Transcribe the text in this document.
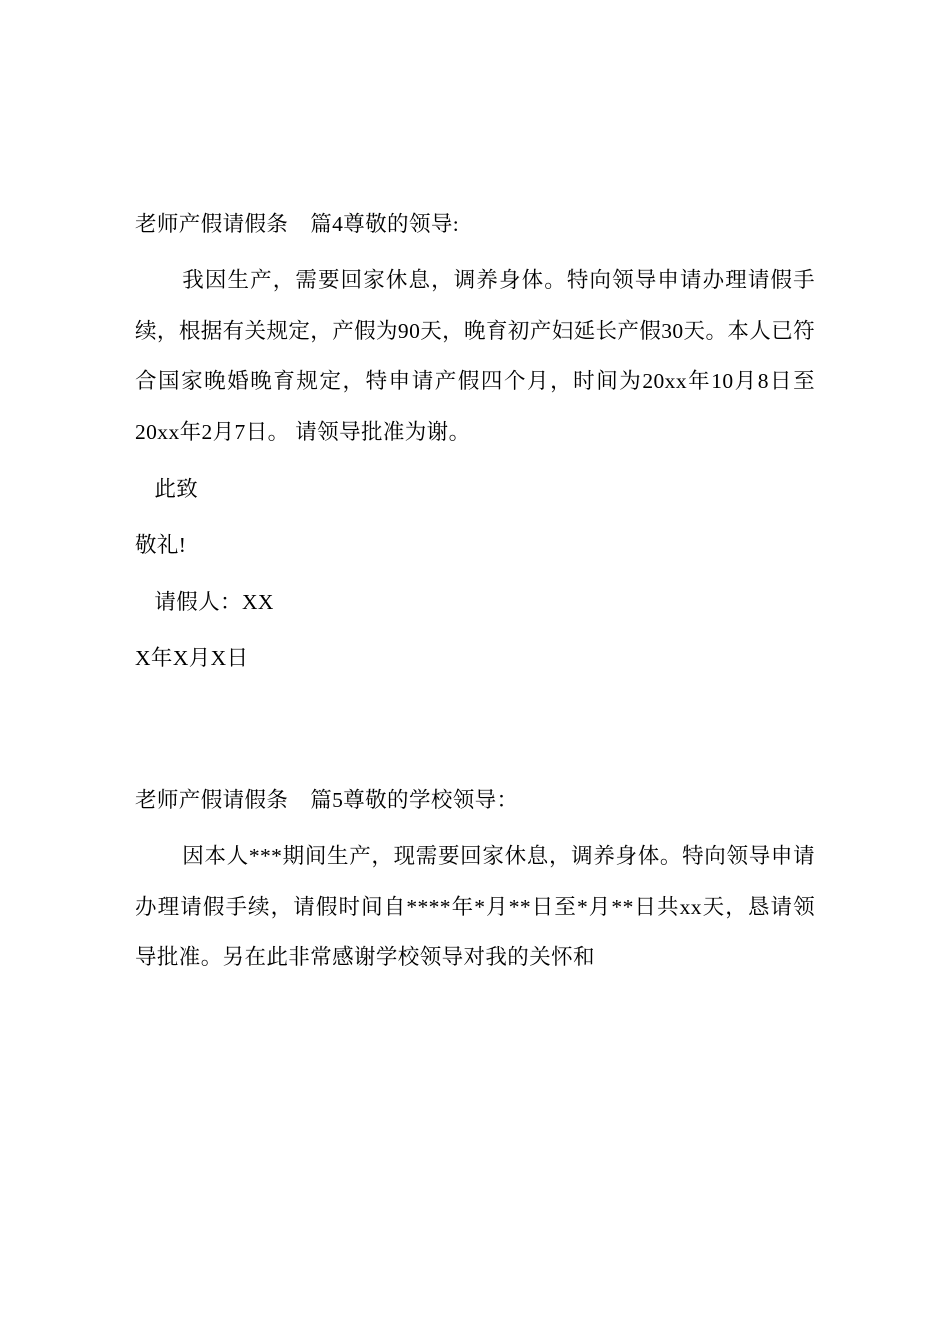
老师产假请假条　篇4尊敬的领导:

我因生产，需要回家休息，调养身体。特向领导申请办理请假手续，根据有关规定，产假为90天，晚育初产妇延长产假30天。本人已符合国家晚婚晚育规定，特申请产假四个月，时间为20xx年10月8日至20xx年2月7日。 请领导批准为谢。

此致

敬礼!

请假人：XX

X年X月X日

老师产假请假条　篇5尊敬的学校领导：

因本人***期间生产，现需要回家休息，调养身体。特向领导申请办理请假手续，请假时间自****年*月**日至*月**日共xx天，恳请领导批准。另在此非常感谢学校领导对我的关怀和
